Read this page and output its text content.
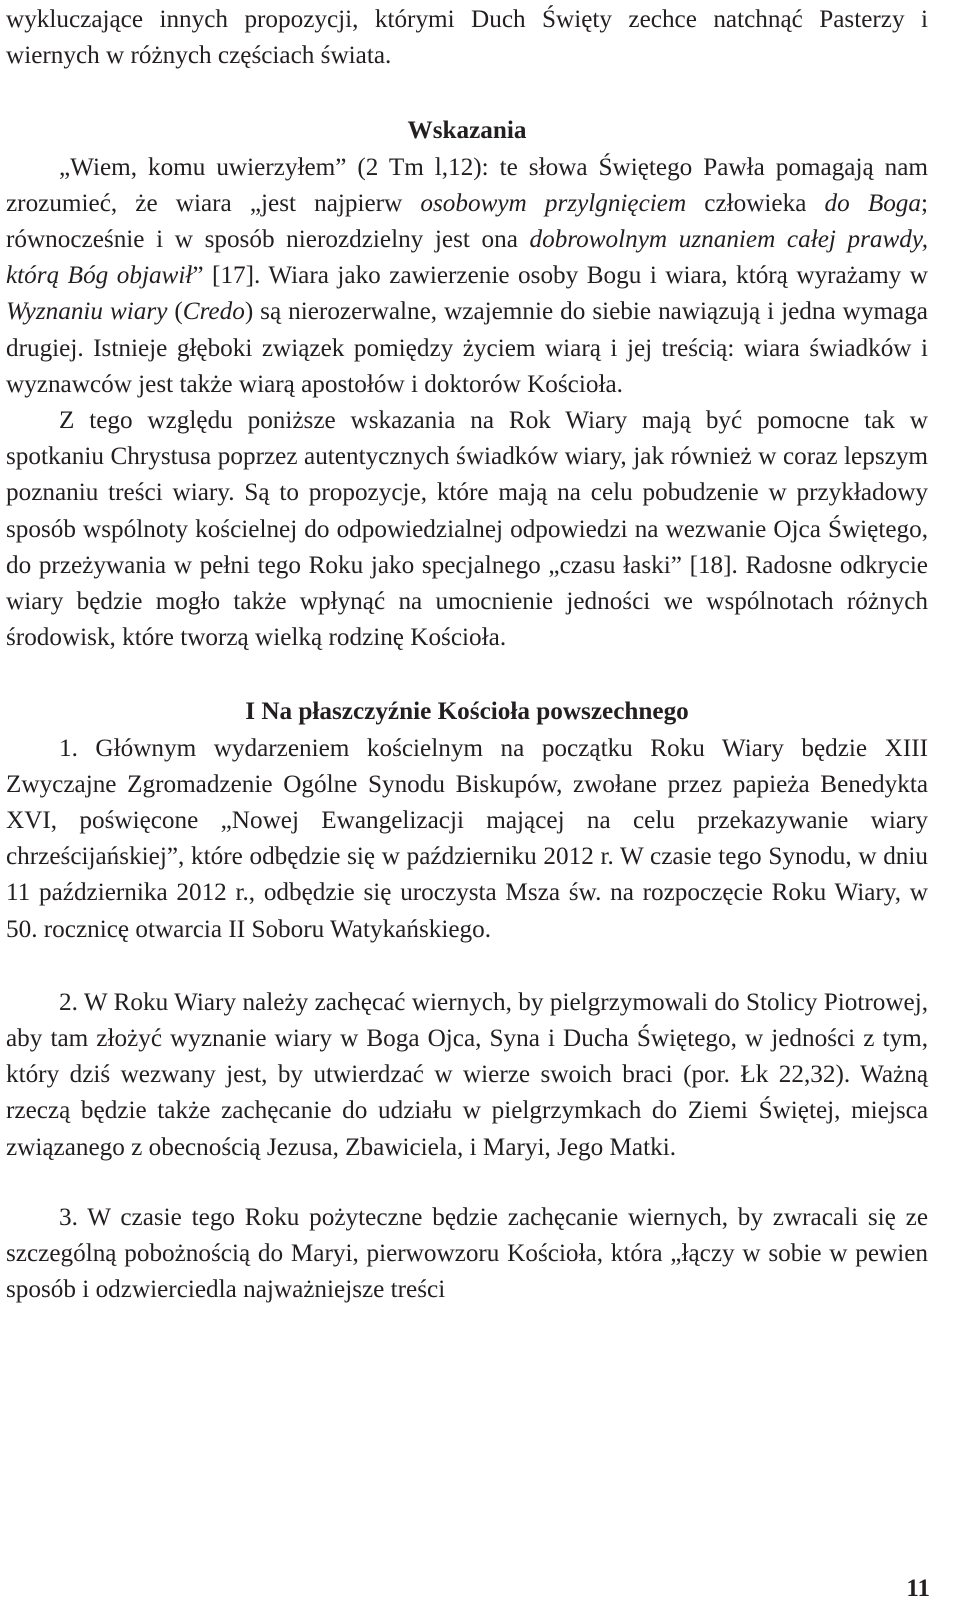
wykluczające innych propozycji, którymi Duch Święty zechce natchnąć Pasterzy i wiernych w różnych częściach świata.

Wskazania

„Wiem, komu uwierzyłem” (2 Tm l,12): te słowa Świętego Pawła pomagają nam zrozumieć, że wiara „jest najpierw osobowym przylgnięciem człowieka do Boga; równocześnie i w sposób nierozdzielny jest ona dobrowolnym uznaniem całej prawdy, którą Bóg objawił” [17]. Wiara jako zawierzenie osoby Bogu i wiara, którą wyrażamy w Wyznaniu wiary (Credo) są nierozerwalne, wzajemnie do siebie nawiązują i jedna wymaga drugiej. Istnieje głęboki związek pomiędzy życiem wiarą i jej treścią: wiara świadków i wyznawców jest także wiarą apostołów i doktorów Kościoła.

Z tego względu poniższe wskazania na Rok Wiary mają być pomocne tak w spotkaniu Chrystusa poprzez autentycznych świadków wiary, jak również w coraz lepszym poznaniu treści wiary. Są to propozycje, które mają na celu pobudzenie w przykładowy sposób wspólnoty kościelnej do odpowiedzialnej odpowiedzi na wezwanie Ojca Świętego, do przeżywania w pełni tego Roku jako specjalnego „czasu łaski” [18]. Radosne odkrycie wiary będzie mogło także wpłynąć na umocnienie jedności we wspólnotach różnych środowisk, które tworzą wielką rodzinę Kościoła.

I Na płaszczyźnie Kościoła powszechnego

1. Głównym wydarzeniem kościelnym na początku Roku Wiary będzie XIII Zwyczajne Zgromadzenie Ogólne Synodu Biskupów, zwołane przez papieża Benedykta XVI, poświęcone „Nowej Ewangelizacji mającej na celu przekazywanie wiary chrześcijańskiej”, które odbędzie się w październiku 2012 r. W czasie tego Synodu, w dniu 11 października 2012 r., odbędzie się uroczysta Msza św. na rozpoczęcie Roku Wiary, w 50. rocznicę otwarcia II Soboru Watykańskiego.

2. W Roku Wiary należy zachęcać wiernych, by pielgrzymowali do Stolicy Piotrowej, aby tam złożyć wyznanie wiary w Boga Ojca, Syna i Ducha Świętego, w jedności z tym, który dziś wezwany jest, by utwierdzać w wierze swoich braci (por. Łk 22,32). Ważną rzeczą będzie także zachęcanie do udziału w pielgrzymkach do Ziemi Świętej, miejsca związanego z obecnością Jezusa, Zbawiciela, i Maryi, Jego Matki.

3. W czasie tego Roku pożyteczne będzie zachęcanie wiernych, by zwracali się ze szczególną pobożnością do Maryi, pierwowzoru Kościoła, która „łączy w sobie w pewien sposób i odzwierciedla najważniejsze treści

11
